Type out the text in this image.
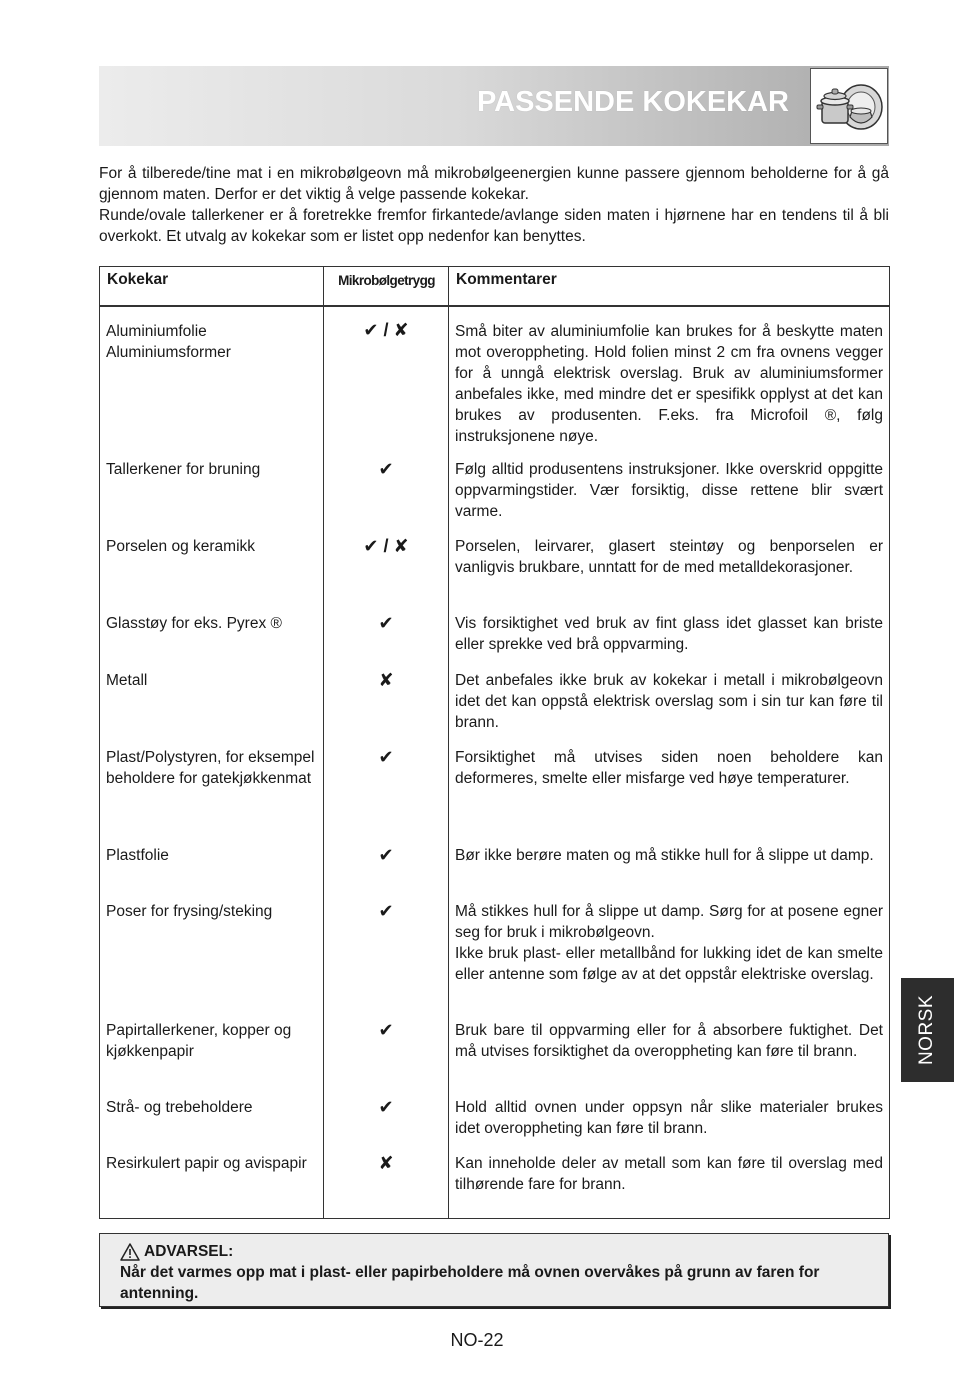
PASSENDE KOKEKAR

For å tilberede/tine mat i en mikrobølgeovn må mikrobølgeenergien kunne passere gjennom beholderne for å gå gjennom maten. Derfor er det viktig å velge passende kokekar.

Runde/ovale tallerkener er å foretrekke fremfor firkantede/avlange siden maten i hjørnene har en tendens til å bli overkokt. Et utvalg av kokekar som er listet opp nedenfor kan benyttes.

Kokekar	Mikrobølgetrygg	Kommentarer
Aluminiumfolie
Aluminiumsformer	✔ / ✘	Små biter av aluminiumfolie kan brukes for å beskytte maten mot overoppheting. Hold folien minst 2 cm fra ovnens vegger for å unngå elektrisk overslag. Bruk av aluminiumsformer anbefales ikke, med mindre det er spesifikk opplyst at det kan brukes av produsenten. F.eks. fra Microfoil ®, følg instruksjonene nøye.
Tallerkener for bruning	✔	Følg alltid produsentens instruksjoner. Ikke overskrid oppgitte oppvarmingstider. Vær forsiktig, disse rettene blir svært varme.
Porselen og keramikk	✔ / ✘	Porselen, leirvarer, glasert steintøy og benporselen er vanligvis brukbare, unntatt for de med metalldekorasjoner.
Glasstøy for eks. Pyrex ®	✔	Vis forsiktighet ved bruk av fint glass idet glasset kan briste eller sprekke ved brå oppvarming.
Metall	✘	Det anbefales ikke bruk av kokekar i metall i mikrobølgeovn idet det kan oppstå elektrisk overslag som i sin tur kan føre til brann.
Plast/Polystyren, for eksempel beholdere for gatekjøkkenmat	✔	Forsiktighet må utvises siden noen beholdere kan deformeres, smelte eller misfarge ved høye temperaturer.
Plastfolie	✔	Bør ikke berøre maten og må stikke hull for å slippe ut damp.
Poser for frysing/steking	✔	Må stikkes hull for å slippe ut damp. Sørg for at posene egner seg for bruk i mikrobølgeovn.
Ikke bruk plast- eller metallbånd for lukking idet de kan smelte eller antenne som følge av at det oppstår elektriske overslag.
Papirtallerkener, kopper og kjøkkenpapir	✔	Bruk bare til oppvarming eller for å absorbere fuktighet. Det må utvises forsiktighet da overoppheting kan føre til brann.
Strå- og trebeholdere	✔	Hold alltid ovnen under oppsyn når slike materialer brukes idet overoppheting kan føre til brann.
Resirkulert papir og avispapir	✘	Kan inneholde deler av metall som kan føre til overslag med tilhørende fare for brann.
ADVARSEL:
Når det varmes opp mat i plast- eller papirbeholdere må ovnen overvåkes på grunn av faren for antenning.
NO-22
NORSK
